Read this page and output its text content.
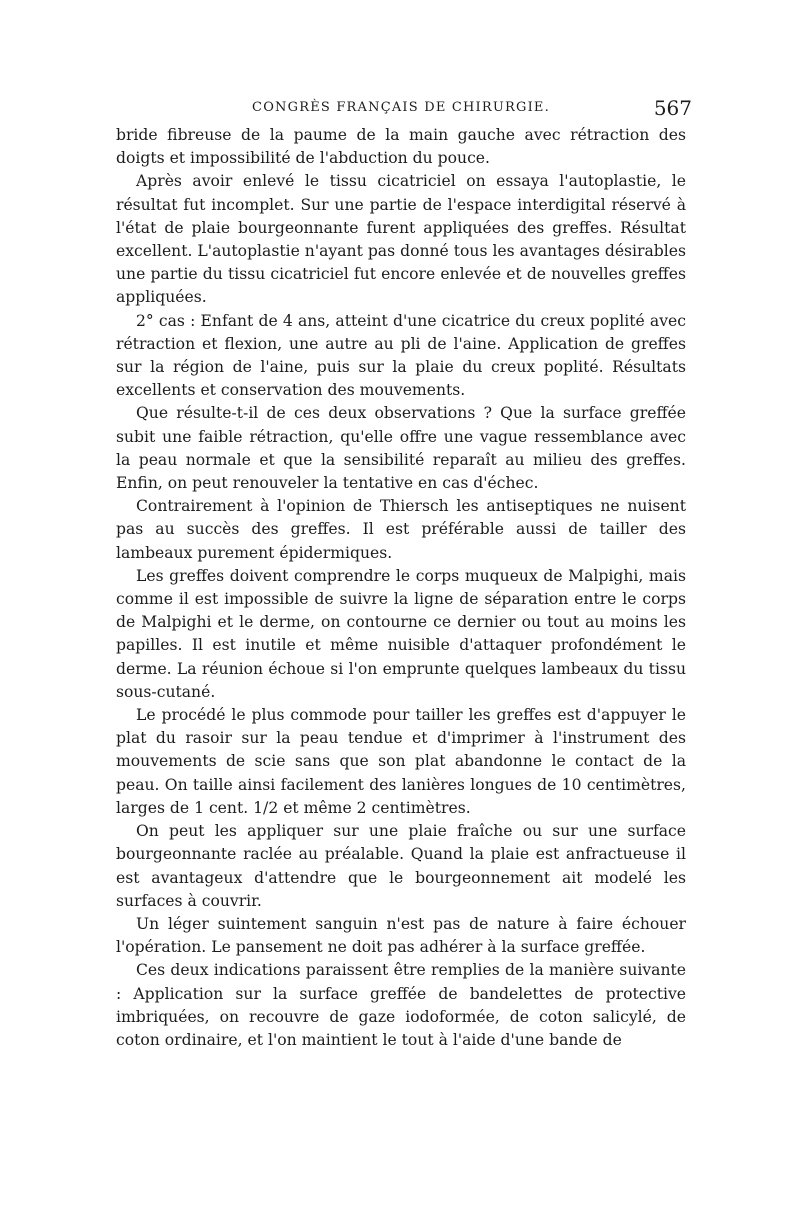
CONGRÈS FRANÇAIS DE CHIRURGIE.	567

bride fibreuse de la paume de la main gauche avec rétraction des doigts et impossibilité de l'abduction du pouce.

Après avoir enlevé le tissu cicatriciel on essaya l'autoplastie, le résultat fut incomplet. Sur une partie de l'espace interdigital réservé à l'état de plaie bourgeonnante furent appliquées des greffes. Résultat excellent. L'autoplastie n'ayant pas donné tous les avantages désirables une partie du tissu cicatriciel fut encore enlevée et de nouvelles greffes appliquées.

2° cas : Enfant de 4 ans, atteint d'une cicatrice du creux poplité avec rétraction et flexion, une autre au pli de l'aine. Application de greffes sur la région de l'aine, puis sur la plaie du creux poplité. Résultats excellents et conservation des mouvements.

Que résulte-t-il de ces deux observations ? Que la surface greffée subit une faible rétraction, qu'elle offre une vague ressemblance avec la peau normale et que la sensibilité reparaît au milieu des greffes. Enfin, on peut renouveler la tentative en cas d'échec.

Contrairement à l'opinion de Thiersch les antiseptiques ne nuisent pas au succès des greffes. Il est préférable aussi de tailler des lambeaux purement épidermiques.

Les greffes doivent comprendre le corps muqueux de Malpighi, mais comme il est impossible de suivre la ligne de séparation entre le corps de Malpighi et le derme, on contourne ce dernier ou tout au moins les papilles. Il est inutile et même nuisible d'attaquer profondément le derme. La réunion échoue si l'on emprunte quelques lambeaux du tissu sous-cutané.

Le procédé le plus commode pour tailler les greffes est d'appuyer le plat du rasoir sur la peau tendue et d'imprimer à l'instrument des mouvements de scie sans que son plat abandonne le contact de la peau. On taille ainsi facilement des lanières longues de 10 centimètres, larges de 1 cent. 1/2 et même 2 centimètres.

On peut les appliquer sur une plaie fraîche ou sur une surface bourgeonnante raclée au préalable. Quand la plaie est anfractueuse il est avantageux d'attendre que le bourgeonnement ait modelé les surfaces à couvrir.

Un léger suintement sanguin n'est pas de nature à faire échouer l'opération. Le pansement ne doit pas adhérer à la surface greffée.

Ces deux indications paraissent être remplies de la manière suivante : Application sur la surface greffée de bandelettes de protective imbriquées, on recouvre de gaze iodoformée, de coton salicylé, de coton ordinaire, et l'on maintient le tout à l'aide d'une bande de
